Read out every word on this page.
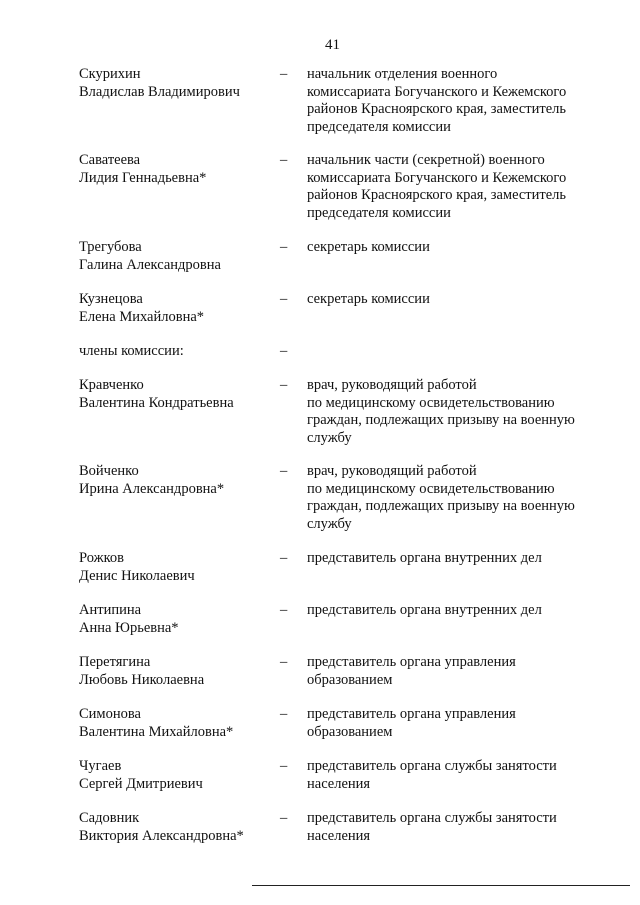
41
Скурихин
Владислав Владимирович
– начальник отделения военного
комиссариата Богучанского и Кежемского
районов Красноярского края, заместитель
председателя комиссии
Саватеева
Лидия Геннадьевна*
– начальник части (секретной) военного
комиссариата Богучанского и Кежемского
районов Красноярского края, заместитель
председателя комиссии
Трегубова
Галина Александровна
– секретарь комиссии
Кузнецова
Елена Михайловна*
– секретарь комиссии
члены комиссии:	–
Кравченко
Валентина Кондратьевна
– врач, руководящий работой
по медицинскому освидетельствованию
граждан, подлежащих призыву на военную
службу
Войченко
Ирина Александровна*
– врач, руководящий работой
по медицинскому освидетельствованию
граждан, подлежащих призыву на военную
службу
Рожков
Денис Николаевич
– представитель органа внутренних дел
Антипина
Анна Юрьевна*
– представитель органа внутренних дел
Перетягина
Любовь Николаевна
– представитель органа управления
образованием
Симонова
Валентина Михайловна*
– представитель органа управления
образованием
Чугаев
Сергей Дмитриевич
– представитель органа службы занятости
населения
Садовник
Виктория Александровна*
– представитель органа службы занятости
населения
